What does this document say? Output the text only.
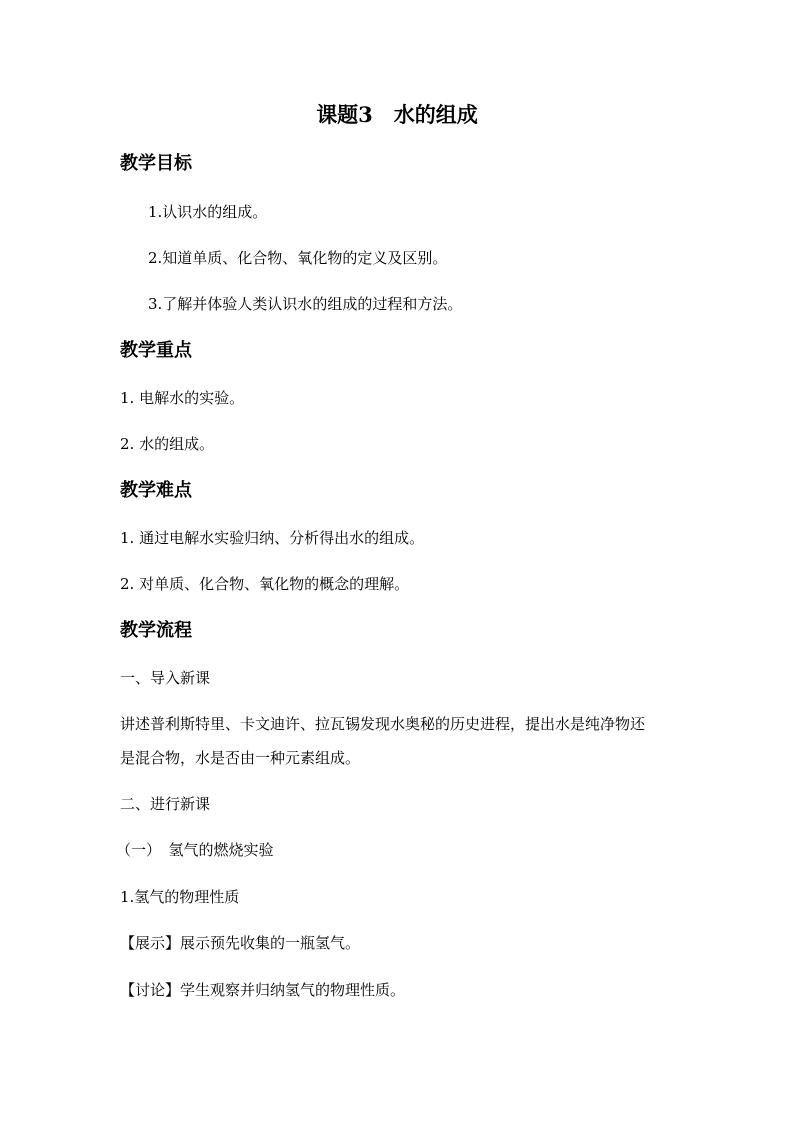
课题3　水的组成
教学目标
1.认识水的组成。
2.知道单质、化合物、氧化物的定义及区别。
3.了解并体验人类认识水的组成的过程和方法。
教学重点
1. 电解水的实验。
2. 水的组成。
教学难点
1. 通过电解水实验归纳、分析得出水的组成。
2. 对单质、化合物、氧化物的概念的理解。
教学流程
一、导入新课
讲述普利斯特里、卡文迪许、拉瓦锡发现水奥秘的历史进程，提出水是纯净物还
是混合物，水是否由一种元素组成。
二、进行新课
（一）　氢气的燃烧实验
1.氢气的物理性质
【展示】展示预先收集的一瓶氢气。
【讨论】学生观察并归纳氢气的物理性质。
